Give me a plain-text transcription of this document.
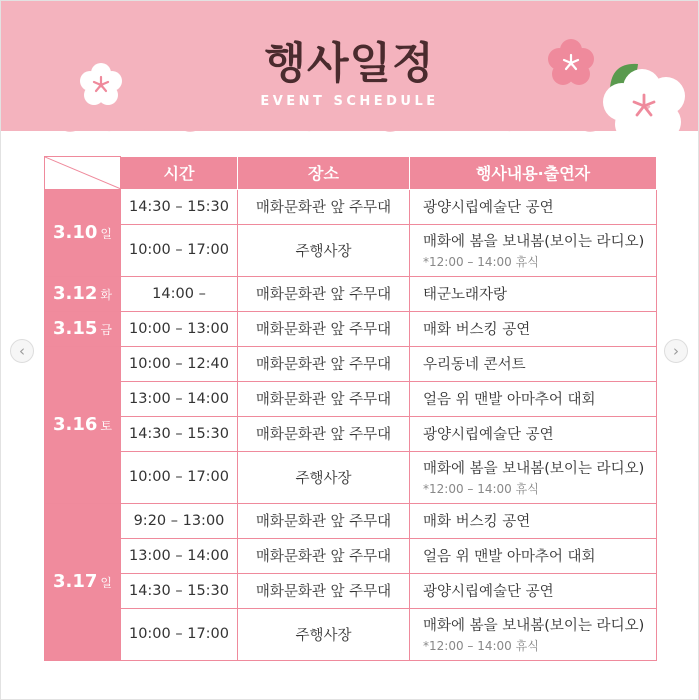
행사일정
EVENT SCHEDULE
	시간	장소	행사내용·출연자
3.10 일	14:30 – 15:30	매화문화관 앞 주무대	광양시립예술단 공연
	10:00 – 17:00	주행사장	매화에 봄을 보내봄(보이는 라디오)
*12:00 – 14:00 휴식

3.12 화	14:00 –	매화문화관 앞 주무대	태군노래자랑
3.15 금	10:00 – 13:00	매화문화관 앞 주무대	매화 버스킹 공연
3.16 토	10:00 – 12:40	매화문화관 앞 주무대	우리동네 콘서트
	13:00 – 14:00	매화문화관 앞 주무대	얼음 위 맨발 아마추어 대회
	14:30 – 15:30	매화문화관 앞 주무대	광양시립예술단 공연
	10:00 – 17:00	주행사장	매화에 봄을 보내봄(보이는 라디오)
*12:00 – 14:00 휴식

3.17 일	9:20 – 13:00	매화문화관 앞 주무대	매화 버스킹 공연
	13:00 – 14:00	매화문화관 앞 주무대	얼음 위 맨발 아마추어 대회
	14:30 – 15:30	매화문화관 앞 주무대	광양시립예술단 공연
	10:00 – 17:00	주행사장	매화에 봄을 보내봄(보이는 라디오)
*12:00 – 14:00 휴식
‹	›
